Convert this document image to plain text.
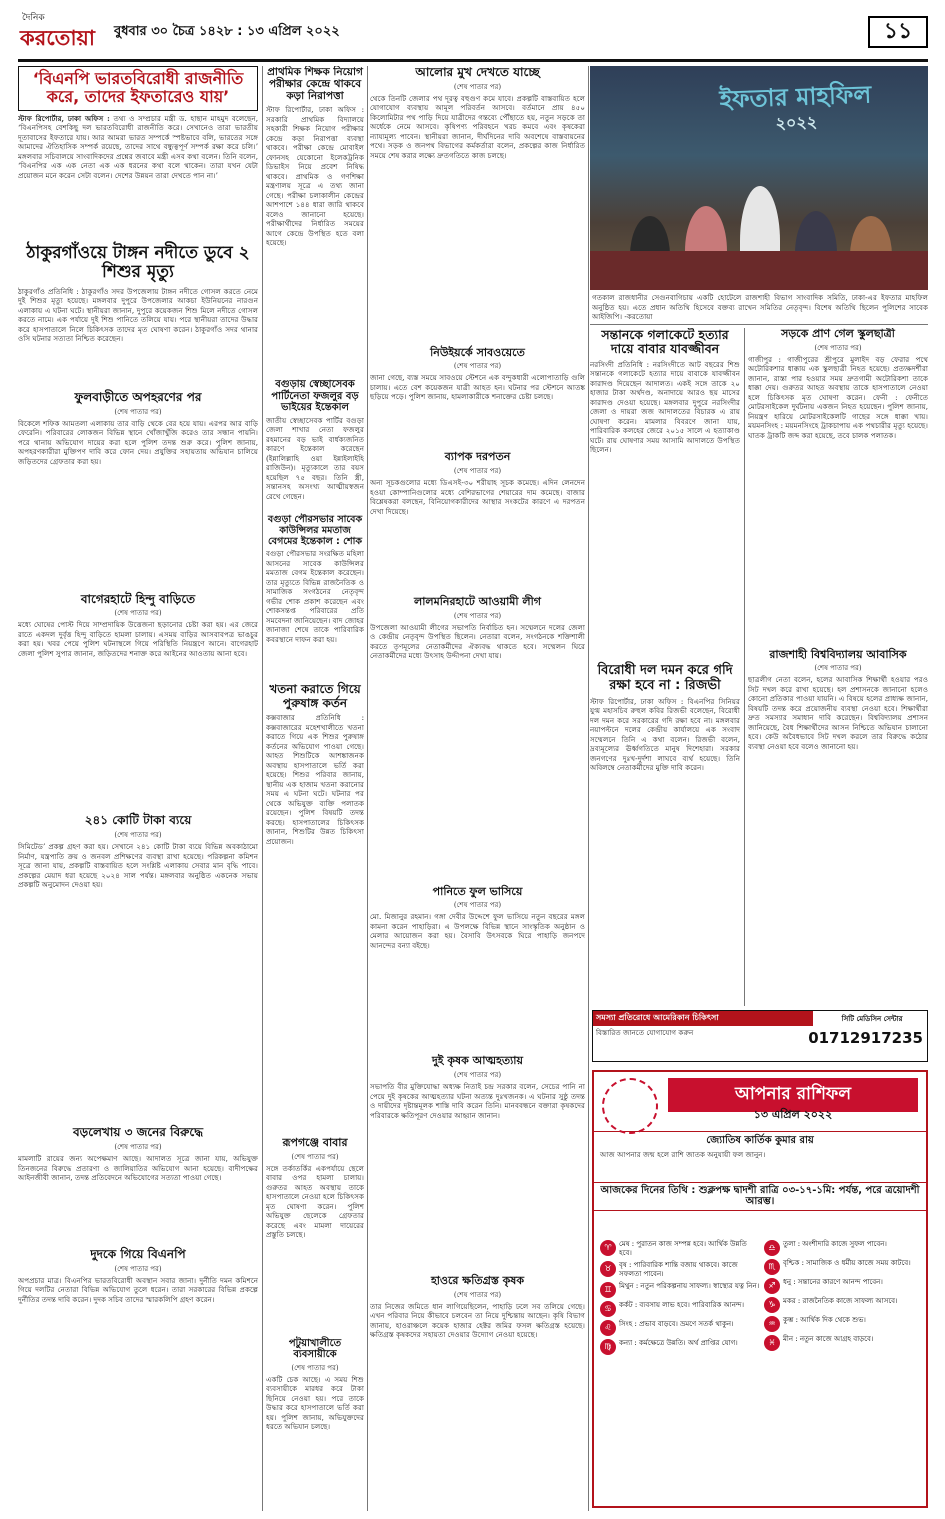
দৈনিক
করতোয়া বুধবার ৩০ চৈত্র ১৪২৮ : ১৩ এপ্রিল ২০২২	১১
‘বিএনপি ভারতবিরোধী রাজনীতি করে, তাদের ইফতারেও যায়’
স্টাফ রিপোর্টার, ঢাকা অফিস : তথ্য ও সম্প্রচার মন্ত্রী ড. হাছান মাহমুদ বলেছেন, ‘বিএনপিসহ বেশকিছু দল ভারতবিরোধী রাজনীতি করে। সেখানেও তারা ভারতীয় দূতাবাসের ইফতারে যায়। আর আমরা ভারত সম্পর্কে স্পষ্টভাবে বলি, ভারতের সঙ্গে আমাদের ঐতিহাসিক সম্পর্ক রয়েছে, তাদের সাথে বন্ধুত্বপূর্ণ সম্পর্ক রক্ষা করে চলি।’ মঙ্গলবার সচিবালয়ে সাংবাদিকদের প্রশ্নের জবাবে মন্ত্রী এসব কথা বলেন। তিনি বলেন, ‘বিএনপির এক এক নেতা এক এক ধরনের কথা বলে থাকেন। তারা যখন যেটা প্রয়োজন মনে করেন সেটা বলেন। দেশের উন্নয়ন তারা দেখতে পান না।’
ঠাকুরগাঁওয়ে টাঙ্গন নদীতে ডুবে ২ শিশুর মৃত্যু
ঠাকুরগাঁও প্রতিনিধি : ঠাকুরগাঁও সদর উপজেলায় টাঙ্গন নদীতে গোসল করতে নেমে দুই শিশুর মৃত্যু হয়েছে। মঙ্গলবার দুপুরে উপজেলার আকচা ইউনিয়নের নারগুন এলাকায় এ ঘটনা ঘটে। স্থানীয়রা জানান, দুপুরে কয়েকজন শিশু মিলে নদীতে গোসল করতে নামে। এক পর্যায়ে দুই শিশু পানিতে তলিয়ে যায়। পরে স্থানীয়রা তাদের উদ্ধার করে হাসপাতালে নিলে চিকিৎসক তাদের মৃত ঘোষণা করেন। ঠাকুরগাঁও সদর থানার ওসি ঘটনার সত্যতা নিশ্চিত করেছেন।
ফুলবাড়ীতে অপহরণের পর
(শেষ পাতার পর)
বিকেলে শফিক আমতলা এলাকায় তার বাড়ি থেকে বের হয়ে যায়। এরপর আর বাড়ি ফেরেনি। পরিবারের লোকজন বিভিন্ন স্থানে খোঁজাখুঁজি করেও তার সন্ধান পায়নি। পরে থানায় অভিযোগ দায়ের করা হলে পুলিশ তদন্ত শুরু করে। পুলিশ জানায়, অপহরণকারীরা মুক্তিপণ দাবি করে ফোন দেয়। প্রযুক্তির সহায়তায় অভিযান চালিয়ে জড়িতদের গ্রেফতার করা হয়।
বাগেরহাটে হিন্দু বাড়িতে
(শেষ পাতার পর)
মধ্যে ঘোষের পোস্ট দিয়ে সাম্প্রদায়িক উত্তেজনা ছড়ানোর চেষ্টা করা হয়। এর জেরে রাতে একদল দুর্বৃত্ত হিন্দু বাড়িতে হামলা চালায়। এসময় বাড়ির আসবাবপত্র ভাঙচুর করা হয়। খবর পেয়ে পুলিশ ঘটনাস্থলে গিয়ে পরিস্থিতি নিয়ন্ত্রণে আনে। বাগেরহাট জেলা পুলিশ সুপার জানান, জড়িতদের শনাক্ত করে আইনের আওতায় আনা হবে।
২৪১ কোটি টাকা ব্যয়ে
(শেষ পাতার পর)
সিমিটেড’ প্রকল্প গ্রহণ করা হয়। সেখানে ২৪১ কোটি টাকা ব্যয়ে বিভিন্ন অবকাঠামো নির্মাণ, যন্ত্রপাতি ক্রয় ও জনবল প্রশিক্ষণের ব্যবস্থা রাখা হয়েছে। পরিকল্পনা কমিশন সূত্রে জানা যায়, প্রকল্পটি বাস্তবায়িত হলে সংশ্লিষ্ট এলাকায় সেবার মান বৃদ্ধি পাবে। প্রকল্পের মেয়াদ ধরা হয়েছে ২০২৪ সাল পর্যন্ত। মঙ্গলবার অনুষ্ঠিত একনেক সভায় প্রকল্পটি অনুমোদন দেওয়া হয়।
বড়লেখায় ৩ জনের বিরুদ্ধে
(শেষ পাতার পর)
মামলাটি রায়ের জন্য অপেক্ষমাণ আছে। আদালত সূত্রে জানা যায়, অভিযুক্ত তিনজনের বিরুদ্ধে প্রতারণা ও জালিয়াতির অভিযোগ আনা হয়েছে। বাদীপক্ষের আইনজীবী জানান, তদন্ত প্রতিবেদনে অভিযোগের সত্যতা পাওয়া গেছে।
দুদকে গিয়ে বিএনপি
(শেষ পাতার পর)
অপপ্রচার মাত্র। বিএনপির ভারতবিরোধী অবস্থান সবার জানা। দুর্নীতি দমন কমিশনে গিয়ে দলটির নেতারা বিভিন্ন অভিযোগ তুলে ধরেন। তারা সরকারের বিভিন্ন প্রকল্পে দুর্নীতির তদন্ত দাবি করেন। দুদক সচিব তাদের স্মারকলিপি গ্রহণ করেন।
প্রাথমিক শিক্ষক নিয়োগ পরীক্ষার কেন্দ্রে থাকবে কড়া নিরাপত্তা
স্টাফ রিপোর্টার, ঢাকা অফিস : সরকারি প্রাথমিক বিদ্যালয়ে সহকারী শিক্ষক নিয়োগ পরীক্ষার কেন্দ্রে কড়া নিরাপত্তা ব্যবস্থা থাকবে। পরীক্ষা কেন্দ্রে মোবাইল ফোনসহ যেকোনো ইলেকট্রনিক ডিভাইস নিয়ে প্রবেশ নিষিদ্ধ থাকবে। প্রাথমিক ও গণশিক্ষা মন্ত্রণালয় সূত্রে এ তথ্য জানা গেছে। পরীক্ষা চলাকালীন কেন্দ্রের আশপাশে ১৪৪ ধারা জারি থাকবে বলেও জানানো হয়েছে। পরীক্ষার্থীদের নির্ধারিত সময়ের আগে কেন্দ্রে উপস্থিত হতে বলা হয়েছে।
বগুড়ায় স্বেচ্ছাসেবক পার্টিনেতা ফজলুর বড় ভাইয়ের ইন্তেকাল
জাতীয় স্বেচ্ছাসেবক পার্টির বগুড়া জেলা শাখার নেতা ফজলুর রহমানের বড় ভাই বার্ধক্যজনিত কারণে ইন্তেকাল করেছেন (ইন্নালিল্লাহি ওয়া ইন্নাইলাইহি রাজিউন)। মৃত্যুকালে তার বয়স হয়েছিল ৭৫ বছর। তিনি স্ত্রী, সন্তানসহ অসংখ্য আত্মীয়স্বজন রেখে গেছেন।
বগুড়া পৌরসভার সাবেক কাউন্সিলর মমতাজ বেগমের ইন্তেকাল : শোক
বগুড়া পৌরসভার সংরক্ষিত মহিলা আসনের সাবেক কাউন্সিলর মমতাজ বেগম ইন্তেকাল করেছেন। তার মৃত্যুতে বিভিন্ন রাজনৈতিক ও সামাজিক সংগঠনের নেতৃবৃন্দ গভীর শোক প্রকাশ করেছেন এবং শোকসন্তপ্ত পরিবারের প্রতি সমবেদনা জানিয়েছেন। বাদ জোহর জানাজা শেষে তাকে পারিবারিক কবরস্থানে দাফন করা হয়।
খতনা করাতে গিয়ে পুরুষাঙ্গ কর্তন
কক্সবাজার প্রতিনিধি : কক্সবাজারের মহেশখালীতে খতনা করাতে গিয়ে এক শিশুর পুরুষাঙ্গ কর্তনের অভিযোগ পাওয়া গেছে। আহত শিশুটিকে আশঙ্কাজনক অবস্থায় হাসপাতালে ভর্তি করা হয়েছে। শিশুর পরিবার জানায়, স্থানীয় এক হাজাম খতনা করানোর সময় এ ঘটনা ঘটে। ঘটনার পর থেকে অভিযুক্ত ব্যক্তি পলাতক রয়েছেন। পুলিশ বিষয়টি তদন্ত করছে। হাসপাতালের চিকিৎসক জানান, শিশুটির উন্নত চিকিৎসা প্রয়োজন।
রূপগঞ্জে বাবার
(শেষ পাতার পর)
সঙ্গে তর্কাতর্কির একপর্যায়ে ছেলে বাবার ওপর হামলা চালায়। গুরুতর আহত অবস্থায় তাকে হাসপাতালে নেওয়া হলে চিকিৎসক মৃত ঘোষণা করেন। পুলিশ অভিযুক্ত ছেলেকে গ্রেফতার করেছে এবং মামলা দায়েরের প্রস্তুতি চলছে।
পটুয়াখালীতে ব্যবসায়ীকে
(শেষ পাতার পর)
একটি চেক আছে। এ সময় শিশু ব্যবসায়ীকে মারধর করে টাকা ছিনিয়ে নেওয়া হয়। পরে তাকে উদ্ধার করে হাসপাতালে ভর্তি করা হয়। পুলিশ জানায়, অভিযুক্তদের ধরতে অভিযান চলছে।
আলোর মুখ দেখতে যাচ্ছে
(শেষ পাতার পর)
থেকে তিনটি জেলার পথ দূরত্ব বহুগুণ কমে যাবে। প্রকল্পটি বাস্তবায়িত হলে যোগাযোগ ব্যবস্থায় আমূল পরিবর্তন আসবে। বর্তমানে প্রায় ৪৫০ কিলোমিটার পথ পাড়ি দিয়ে যাত্রীদের গন্তব্যে পৌঁছাতে হয়, নতুন সড়কে তা অর্ধেকে নেমে আসবে। কৃষিপণ্য পরিবহনে খরচ কমবে এবং কৃষকেরা ন্যায্যমূল্য পাবেন। স্থানীয়রা জানান, দীর্ঘদিনের দাবি অবশেষে বাস্তবায়নের পথে। সড়ক ও জনপথ বিভাগের কর্মকর্তারা বলেন, প্রকল্পের কাজ নির্ধারিত সময়ে শেষ করার লক্ষ্যে দ্রুতগতিতে কাজ চলছে।
নিউইয়র্কে সাবওয়েতে
(শেষ পাতার পর)
জানা গেছে, ব্যস্ত সময়ে সাবওয়ে স্টেশনে এক বন্দুকধারী এলোপাতাড়ি গুলি চালায়। এতে বেশ কয়েকজন যাত্রী আহত হন। ঘটনার পর স্টেশনে আতঙ্ক ছড়িয়ে পড়ে। পুলিশ জানায়, হামলাকারীকে শনাক্তের চেষ্টা চলছে।
ব্যাপক দরপতন
(শেষ পাতার পর)
অন্য সূচকগুলোর মধ্যে ডিএসই-৩০ শরীয়াহ সূচক কমেছে। এদিন লেনদেন হওয়া কোম্পানিগুলোর মধ্যে বেশিরভাগের শেয়ারের দাম কমেছে। বাজার বিশ্লেষকরা বলছেন, বিনিয়োগকারীদের আস্থার সংকটের কারণে এ দরপতন দেখা দিয়েছে।
লালমনিরহাটে আওয়ামী লীগ
(শেষ পাতার পর)
উপজেলা আওয়ামী লীগের সভাপতি নির্বাচিত হন। সম্মেলনে দলের জেলা ও কেন্দ্রীয় নেতৃবৃন্দ উপস্থিত ছিলেন। নেতারা বলেন, সংগঠনকে শক্তিশালী করতে তৃণমূলের নেতাকর্মীদের ঐক্যবদ্ধ থাকতে হবে। সম্মেলন ঘিরে নেতাকর্মীদের মধ্যে উৎসাহ উদ্দীপনা দেখা যায়।
পানিতে ফুল ভাসিয়ে
(শেষ পাতার পর)
মো. মিজানুর রহমান। গঙ্গা দেবীর উদ্দেশে ফুল ভাসিয়ে নতুন বছরের মঙ্গল কামনা করেন পাহাড়িরা। এ উপলক্ষে বিভিন্ন স্থানে সাংস্কৃতিক অনুষ্ঠান ও মেলার আয়োজন করা হয়। বৈসাবি উৎসবকে ঘিরে পাহাড়ি জনপদে আনন্দের বন্যা বইছে।
দুই কৃষক আত্মহত্যায়
(শেষ পাতার পর)
সভাপতি বীর মুক্তিযোদ্ধা অধ্যক্ষ নিতাই চন্দ্র সরকার বলেন, সেচের পানি না পেয়ে দুই কৃষকের আত্মহত্যার ঘটনা অত্যন্ত দুঃখজনক। এ ঘটনার সুষ্ঠু তদন্ত ও দায়ীদের দৃষ্টান্তমূলক শাস্তি দাবি করেন তিনি। মানববন্ধনে বক্তারা কৃষকদের পরিবারকে ক্ষতিপূরণ দেওয়ার আহ্বান জানান।
হাওরে ক্ষতিগ্রস্ত কৃষক
(শেষ পাতার পর)
তার নিজের জমিতে ধান লাগিয়েছিলেন, পাহাড়ি ঢলে সব তলিয়ে গেছে। এখন পরিবার নিয়ে কীভাবে চলবেন তা নিয়ে দুশ্চিন্তায় আছেন। কৃষি বিভাগ জানায়, হাওরাঞ্চলে কয়েক হাজার হেক্টর জমির ফসল ক্ষতিগ্রস্ত হয়েছে। ক্ষতিগ্রস্ত কৃষকদের সহায়তা দেওয়ার উদ্যোগ নেওয়া হয়েছে।
ইফতার মাহফিল
২০২২
গতকাল রাজধানীর সেগুনবাগিচায় একটি হোটেলে রাজশাহী বিভাগ সাংবাদিক সমিতি, ঢাকা-এর ইফতার মাহফিল অনুষ্ঠিত হয়। এতে প্রধান অতিথি হিসেবে বক্তব্য রাখেন সমিতির নেতৃবৃন্দ। বিশেষ অতিথি ছিলেন পুলিশের সাবেক আইজিপি। -করতোয়া
সন্তানকে গলাকেটে হত্যার দায়ে বাবার যাবজ্জীবন
নরসিংদী প্রতিনিধি : নরসিংদীতে আট বছরের শিশু সন্তানকে গলাকেটে হত্যার দায়ে বাবাকে যাবজ্জীবন কারাদণ্ড দিয়েছেন আদালত। একই সঙ্গে তাকে ২০ হাজার টাকা অর্থদণ্ড, অনাদায়ে আরও ছয় মাসের কারাদণ্ড দেওয়া হয়েছে। মঙ্গলবার দুপুরে নরসিংদীর জেলা ও দায়রা জজ আদালতের বিচারক এ রায় ঘোষণা করেন। মামলার বিবরণে জানা যায়, পারিবারিক কলহের জেরে ২০১৫ সালে এ হত্যাকাণ্ড ঘটে। রায় ঘোষণার সময় আসামি আদালতে উপস্থিত ছিলেন।
বিরোধী দল দমন করে গদি রক্ষা হবে না : রিজভী
স্টাফ রিপোর্টার, ঢাকা অফিস : বিএনপির সিনিয়র যুগ্ম মহাসচিব রুহুল কবির রিজভী বলেছেন, বিরোধী দল দমন করে সরকারের গদি রক্ষা হবে না। মঙ্গলবার নয়াপল্টনে দলের কেন্দ্রীয় কার্যালয়ে এক সংবাদ সম্মেলনে তিনি এ কথা বলেন। রিজভী বলেন, দ্রব্যমূল্যের ঊর্ধ্বগতিতে মানুষ দিশেহারা। সরকার জনগণের দুঃখ-দুর্দশা লাঘবে ব্যর্থ হয়েছে। তিনি অবিলম্বে নেতাকর্মীদের মুক্তি দাবি করেন।
সড়কে প্রাণ গেল স্কুলছাত্রী
(শেষ পাতার পর)
গাজীপুর : গাজীপুরের শ্রীপুরে মুলাইদ বড় ফেরার পথে অটোরিকশার ধাক্কায় এক স্কুলছাত্রী নিহত হয়েছে। প্রত্যক্ষদর্শীরা জানান, রাস্তা পার হওয়ার সময় দ্রুতগামী অটোরিকশা তাকে ধাক্কা দেয়। গুরুতর আহত অবস্থায় তাকে হাসপাতালে নেওয়া হলে চিকিৎসক মৃত ঘোষণা করেন। ফেনী : ফেনীতে মোটরসাইকেল দুর্ঘটনায় একজন নিহত হয়েছেন। পুলিশ জানায়, নিয়ন্ত্রণ হারিয়ে মোটরসাইকেলটি গাছের সঙ্গে ধাক্কা খায়। ময়মনসিংহ : ময়মনসিংহে ট্রাকচাপায় এক পথচারীর মৃত্যু হয়েছে। ঘাতক ট্রাকটি জব্দ করা হয়েছে, তবে চালক পলাতক।
রাজশাহী বিশ্ববিদ্যালয় আবাসিক
(শেষ পাতার পর)
ছাত্রলীগ নেতা বলেন, হলের আবাসিক শিক্ষার্থী হওয়ার পরও সিট দখল করে রাখা হয়েছে। হল প্রশাসনকে জানানো হলেও কোনো প্রতিকার পাওয়া যায়নি। এ বিষয়ে হলের প্রাধ্যক্ষ জানান, বিষয়টি তদন্ত করে প্রয়োজনীয় ব্যবস্থা নেওয়া হবে। শিক্ষার্থীরা দ্রুত সমস্যার সমাধান দাবি করেছেন। বিশ্ববিদ্যালয় প্রশাসন জানিয়েছে, বৈধ শিক্ষার্থীদের আসন নিশ্চিতে অভিযান চালানো হবে। কেউ অবৈধভাবে সিট দখল করলে তার বিরুদ্ধে কঠোর ব্যবস্থা নেওয়া হবে বলেও জানানো হয়।
সমস্যা প্রতিরোধে আমেরিকান চিকিৎসা
বিস্তারিত জানতে যোগাযোগ করুন
সিটি মেডিসিন সেন্টার
01712917235
আপনার রাশিফল
১৩ এপ্রিল ২০২২
জ্যোতিষ কার্তিক কুমার রায়
আজ আপনার জন্ম হলে রাশি জাতক অনুযায়ী ফল জানুন।
আজকের দিনের তিথি : শুক্লপক্ষ দ্বাদশী রাত্রি ০৩-১৭-১মি: পর্যন্ত, পরে ত্রয়োদশী আরম্ভ।
♈	মেষ : পুরাতন কাজ সম্পন্ন হবে। আর্থিক উন্নতি হবে।
♉	বৃষ : পারিবারিক শান্তি বজায় থাকবে। কাজে সফলতা পাবেন।
♊	মিথুন : নতুন পরিকল্পনায় সাফল্য। স্বাস্থ্যের যত্ন নিন।
♋	কর্কট : ব্যবসায় লাভ হবে। পারিবারিক আনন্দ।
♌	সিংহ : প্রভাব বাড়বে। ভ্রমণে সতর্ক থাকুন।
♍	কন্যা : কর্মক্ষেত্রে উন্নতি। অর্থ প্রাপ্তির যোগ।
♎	তুলা : অংশীদারি কাজে সুফল পাবেন।
♏	বৃশ্চিক : সামাজিক ও ধর্মীয় কাজে সময় কাটবে।
♐	ধনু : সন্তানের কারণে আনন্দ পাবেন।
♑	মকর : রাজনৈতিক কাজে সাফল্য আসবে।
♒	কুম্ভ : আর্থিক দিক থেকে শুভ।
♓	মীন : নতুন কাজে আগ্রহ বাড়বে।
